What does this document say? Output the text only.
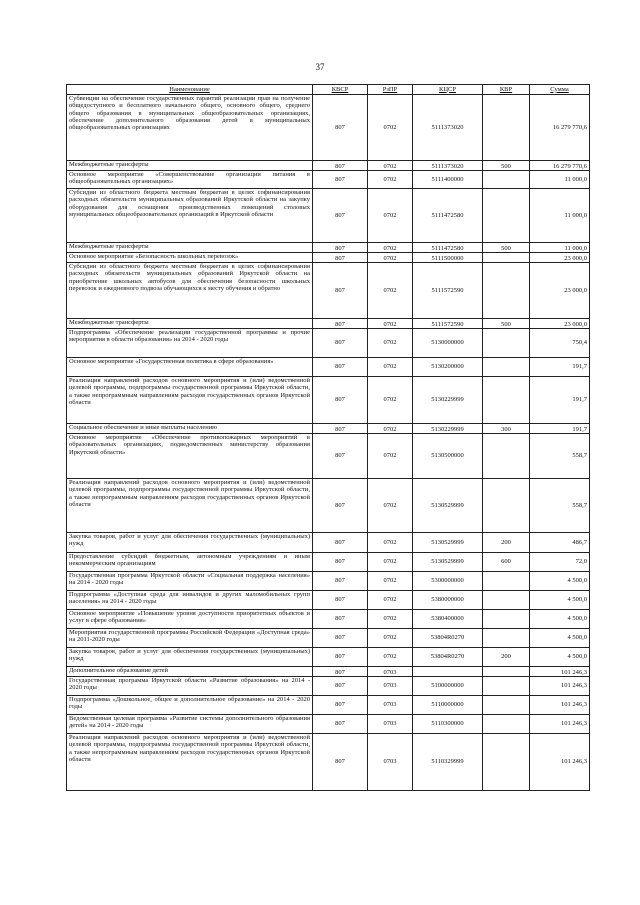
37
Наименование	КВСР	РзПР	КЦСР	КВР	Сумма
Субвенции на обеспечение государственных гарантий реализации прав на получение общедоступного и бесплатного начального общего, основного общего, среднего общего образования в муниципальных общеобразовательных организациях, обеспечение дополнительного образования детей в муниципальных общеобразовательных организациях	807	0702	5111373020		16 279 770,6
Межбюджетные трансферты	807	0702	5111373020	500	16 279 770,6
Основное мероприятие «Совершенствование организации питания в общеобразовательных организациях»	807	0702	5111400000		11 000,0
Субсидии из областного бюджета местным бюджетам в целях софинансирования расходных обязательств муниципальных образований Иркутской области на закупку оборудования для оснащения производственных помещений столовых муниципальных общеобразовательных организаций в Иркутской области	807	0702	5111472580		11 000,0
Межбюджетные трансферты	807	0702	5111472580	500	11 000,0
Основное мероприятие «Безопасность школьных перевозок»	807	0702	5111500000		23 000,0
Субсидии из областного бюджета местным бюджетам в целях софинансирования расходных обязательств муниципальных образований Иркутской области на приобретение школьных автобусов для обеспечения безопасности школьных перевозок и ежедневного подвоза обучающихся к месту обучения и обратно	807	0702	5111572590		23 000,0
Межбюджетные трансферты	807	0702	5111572590	500	23 000,0
Подпрограмма «Обеспечение реализации государственной программы и прочие мероприятия в области образования» на 2014 - 2020 годы	807	0702	5130000000		750,4
Основное мероприятие «Государственная политика в сфере образования»	807	0702	5130200000		191,7
Реализация направлений расходов основного мероприятия и (или) ведомственной целевой программы, подпрограммы государственной программы Иркутской области, а также непрограммным направлениям расходов государственных органов Иркутской области	807	0702	5130229999		191,7
Социальное обеспечение и иные выплаты населению	807	0702	5130229999	300	191,7
Основное мероприятие «Обеспечение противопожарных мероприятий в образовательных организациях, подведомственных министерству образования Иркутской области»	807	0702	5130500000		558,7
Реализация направлений расходов основного мероприятия и (или) ведомственной целевой программы, подпрограммы государственной программы Иркутской области, а также непрограммным направлениям расходов государственных органов Иркутской области	807	0702	5130529999		558,7
Закупка товаров, работ и услуг для обеспечения государственных (муниципальных) нужд	807	0702	5130529999	200	486,7
Предоставление субсидий бюджетным, автономным учреждениям и иным некоммерческим организациям	807	0702	5130529999	600	72,0
Государственная программа Иркутской области «Социальная поддержка населения» на 2014 - 2020 годы	807	0702	5300000000		4 500,0
Подпрограмма «Доступная среда для инвалидов и других маломобильных групп населения» на 2014 - 2020 годы	807	0702	5380000000		4 500,0
Основное мероприятие «Повышение уровня доступности приоритетных объектов и услуг в сфере образования»	807	0702	5380400000		4 500,0
Мероприятия государственной программы Российской Федерации «Доступная среда» на 2011-2020 годы	807	0702	53804R0270		4 500,0
Закупка товаров, работ и услуг для обеспечения государственных (муниципальных) нужд	807	0702	53804R0270	200	4 500,0
Дополнительное образование детей	807	0703			101 246,3
Государственная программа Иркутской области «Развитие образования» на 2014 - 2020 годы	807	0703	5100000000		101 246,3
Подпрограмма «Дошкольное, общее и дополнительное образование» на 2014 - 2020 годы	807	0703	5110000000		101 246,3
Ведомственная целевая программа «Развитие системы дополнительного образования детей» на 2014 - 2020 годы	807	0703	5110300000		101 246,3
Реализация направлений расходов основного мероприятия и (или) ведомственной целевой программы, подпрограммы государственной программы Иркутской области, а также непрограммным направлениям расходов государственных органов Иркутской области	807	0703	5110329999		101 246,3
